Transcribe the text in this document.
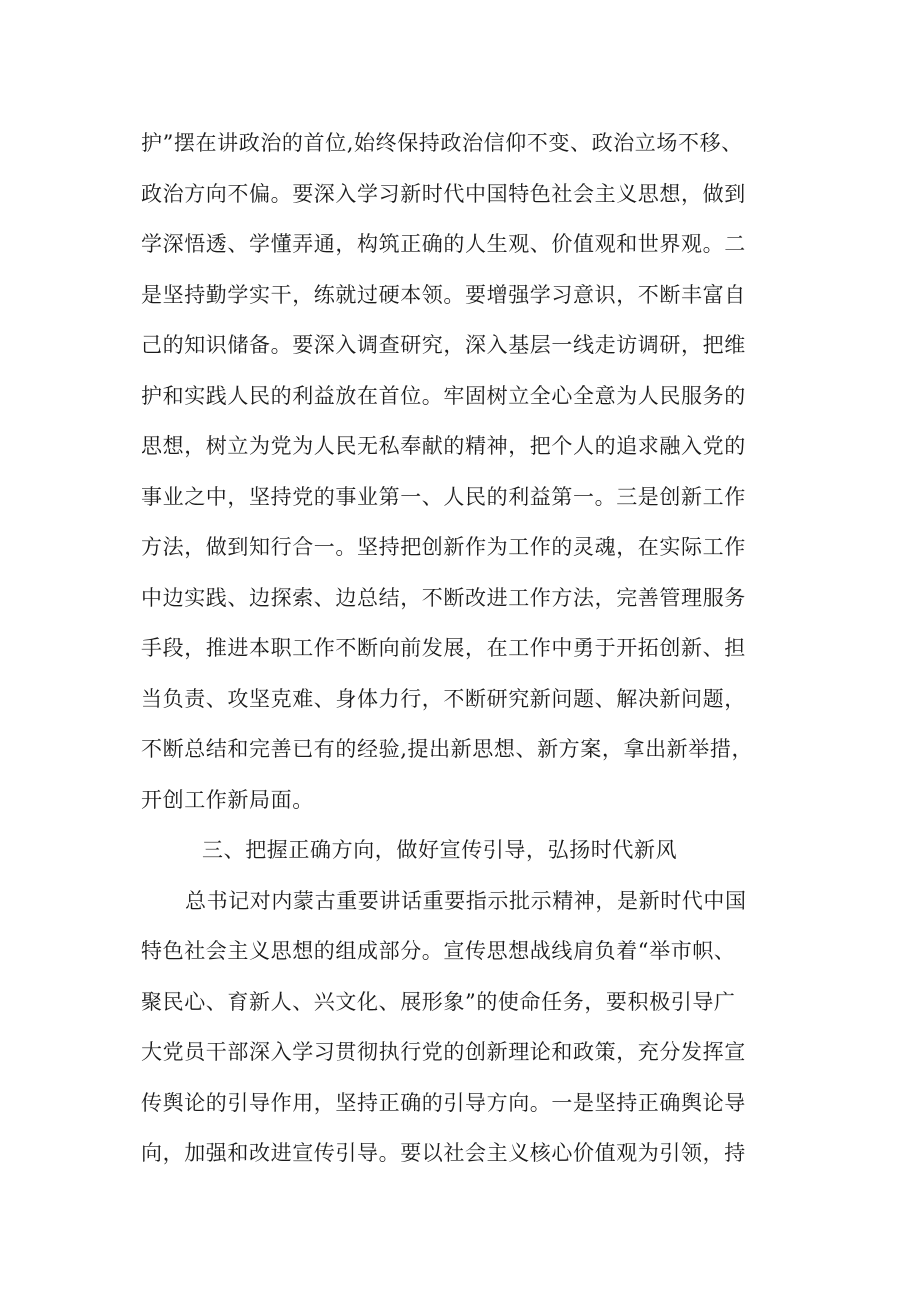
护”摆在讲政治的首位,始终保持政治信仰不变、政治立场不移、
政治方向不偏。要深入学习新时代中国特色社会主义思想，做到
学深悟透、学懂弄通，构筑正确的人生观、价值观和世界观。二
是坚持勤学实干，练就过硬本领。要增强学习意识，不断丰富自
己的知识储备。要深入调查研究，深入基层一线走访调研，把维
护和实践人民的利益放在首位。牢固树立全心全意为人民服务的
思想，树立为党为人民无私奉献的精神，把个人的追求融入党的
事业之中，坚持党的事业第一、人民的利益第一。三是创新工作
方法，做到知行合一。坚持把创新作为工作的灵魂，在实际工作
中边实践、边探索、边总结，不断改进工作方法，完善管理服务
手段，推进本职工作不断向前发展，在工作中勇于开拓创新、担
当负责、攻坚克难、身体力行，不断研究新问题、解决新问题，
不断总结和完善已有的经验,提出新思想、新方案，拿出新举措，
开创工作新局面。
三、把握正确方向，做好宣传引导，弘扬时代新风
总书记对内蒙古重要讲话重要指示批示精神，是新时代中国
特色社会主义思想的组成部分。宣传思想战线肩负着“举市帜、
聚民心、育新人、兴文化、展形象”的使命任务，要积极引导广
大党员干部深入学习贯彻执行党的创新理论和政策，充分发挥宣
传舆论的引导作用，坚持正确的引导方向。一是坚持正确舆论导
向，加强和改进宣传引导。要以社会主义核心价值观为引领，持
